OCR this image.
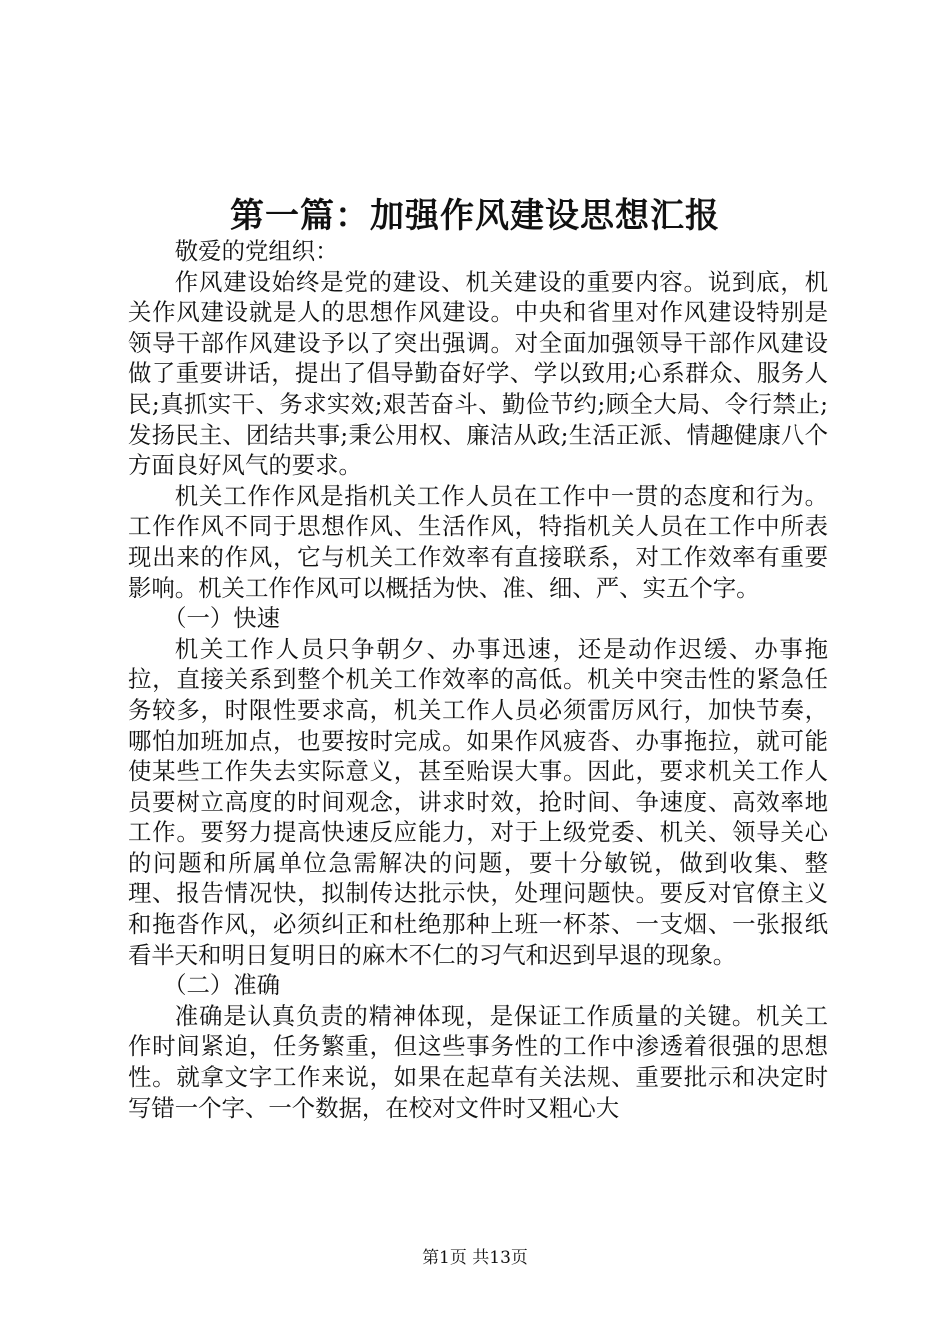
第一篇：加强作风建设思想汇报

敬爱的党组织：

作风建设始终是党的建设、机关建设的重要内容。说到底，机关作风建设就是人的思想作风建设。中央和省里对作风建设特别是领导干部作风建设予以了突出强调。对全面加强领导干部作风建设做了重要讲话，提出了倡导勤奋好学、学以致用;心系群众、服务人民;真抓实干、务求实效;艰苦奋斗、勤俭节约;顾全大局、令行禁止;发扬民主、团结共事;秉公用权、廉洁从政;生活正派、情趣健康八个方面良好风气的要求。

机关工作作风是指机关工作人员在工作中一贯的态度和行为。工作作风不同于思想作风、生活作风，特指机关人员在工作中所表现出来的作风，它与机关工作效率有直接联系，对工作效率有重要影响。机关工作作风可以概括为快、准、细、严、实五个字。

（一）快速

机关工作人员只争朝夕、办事迅速，还是动作迟缓、办事拖拉，直接关系到整个机关工作效率的高低。机关中突击性的紧急任务较多，时限性要求高，机关工作人员必须雷厉风行，加快节奏，哪怕加班加点，也要按时完成。如果作风疲沓、办事拖拉，就可能使某些工作失去实际意义，甚至贻误大事。因此，要求机关工作人员要树立高度的时间观念，讲求时效，抢时间、争速度、高效率地工作。要努力提高快速反应能力，对于上级党委、机关、领导关心的问题和所属单位急需解决的问题，要十分敏锐，做到收集、整理、报告情况快，拟制传达批示快，处理问题快。要反对官僚主义和拖沓作风，必须纠正和杜绝那种上班一杯茶、一支烟、一张报纸看半天和明日复明日的麻木不仁的习气和迟到早退的现象。

（二）准确

准确是认真负责的精神体现，是保证工作质量的关键。机关工作时间紧迫，任务繁重，但这些事务性的工作中渗透着很强的思想性。就拿文字工作来说，如果在起草有关法规、重要批示和决定时写错一个字、一个数据，在校对文件时又粗心大

第1页 共13页
